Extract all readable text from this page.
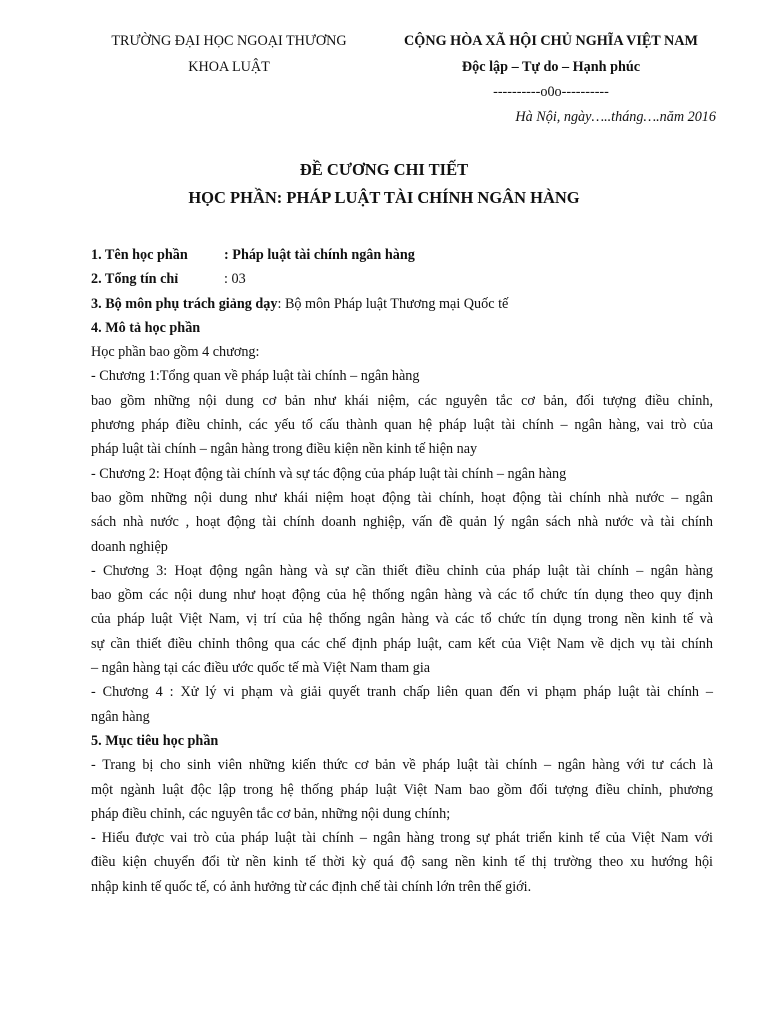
TRƯỜNG ĐẠI HỌC NGOẠI THƯƠNG
KHOA LUẬT
CỘNG HÒA XÃ HỘI CHỦ NGHĨA VIỆT NAM
Độc lập – Tự do – Hạnh phúc
----------o0o----------
Hà Nội, ngày…..tháng….năm 2016
ĐỀ CƯƠNG CHI TIẾT
HỌC PHẦN: PHÁP LUẬT TÀI CHÍNH NGÂN HÀNG
1. Tên học phần	: Pháp luật tài chính ngân hàng
2. Tổng tín chỉ	: 03
3. Bộ môn phụ trách giảng dạy: Bộ môn Pháp luật Thương mại Quốc tế
4. Mô tả học phần
Học phần bao gồm 4 chương:
- Chương 1:Tổng quan về pháp luật tài chính – ngân hàng
bao gồm những nội dung cơ bản như khái niệm, các nguyên tắc cơ bản, đối tượng điều chỉnh,
phương pháp điều chỉnh, các yếu tố cấu thành quan hệ pháp luật tài chính – ngân hàng, vai trò của
pháp luật tài chính – ngân hàng trong điều kiện nền kinh tế hiện nay
- Chương 2: Hoạt động tài chính và sự tác động của pháp luật tài chính – ngân hàng
bao gồm những nội dung như khái niệm hoạt động tài chính, hoạt động tài chính nhà nước – ngân
sách nhà nước , hoạt động tài chính doanh nghiệp, vấn đề quản lý ngân sách nhà nước và tài chính
doanh nghiệp
- Chương 3: Hoạt động ngân hàng và sự cần thiết điều chỉnh của pháp luật tài chính – ngân hàng
bao gồm các nội dung như hoạt động của hệ thống ngân hàng và các tổ chức tín dụng theo quy định
của pháp luật Việt Nam, vị trí của hệ thống ngân hàng và các tổ chức tín dụng trong nền kinh tế và
sự cần thiết điều chỉnh thông qua các chế định pháp luật, cam kết của Việt Nam về dịch vụ tài chính
– ngân hàng tại các điều ước quốc tế mà Việt Nam tham gia
- Chương 4 : Xử lý vi phạm và giải quyết tranh chấp liên quan đến vi phạm pháp luật tài chính –
ngân hàng
5. Mục tiêu học phần
- Trang bị cho sinh viên những kiến thức cơ bản về pháp luật tài chính – ngân hàng với tư cách là
một ngành luật độc lập trong hệ thống pháp luật Việt Nam bao gồm đối tượng điều chỉnh, phương
pháp điều chỉnh, các nguyên tắc cơ bản, những nội dung chính;
- Hiểu được vai trò của pháp luật tài chính – ngân hàng trong sự phát triển kinh tế của Việt Nam với
điều kiện chuyển đổi từ nền kinh tế thời kỳ quá độ sang nền kinh tế thị trường theo xu hướng hội
nhập kinh tế quốc tế, có ảnh hưởng từ các định chế tài chính lớn trên thế giới.
